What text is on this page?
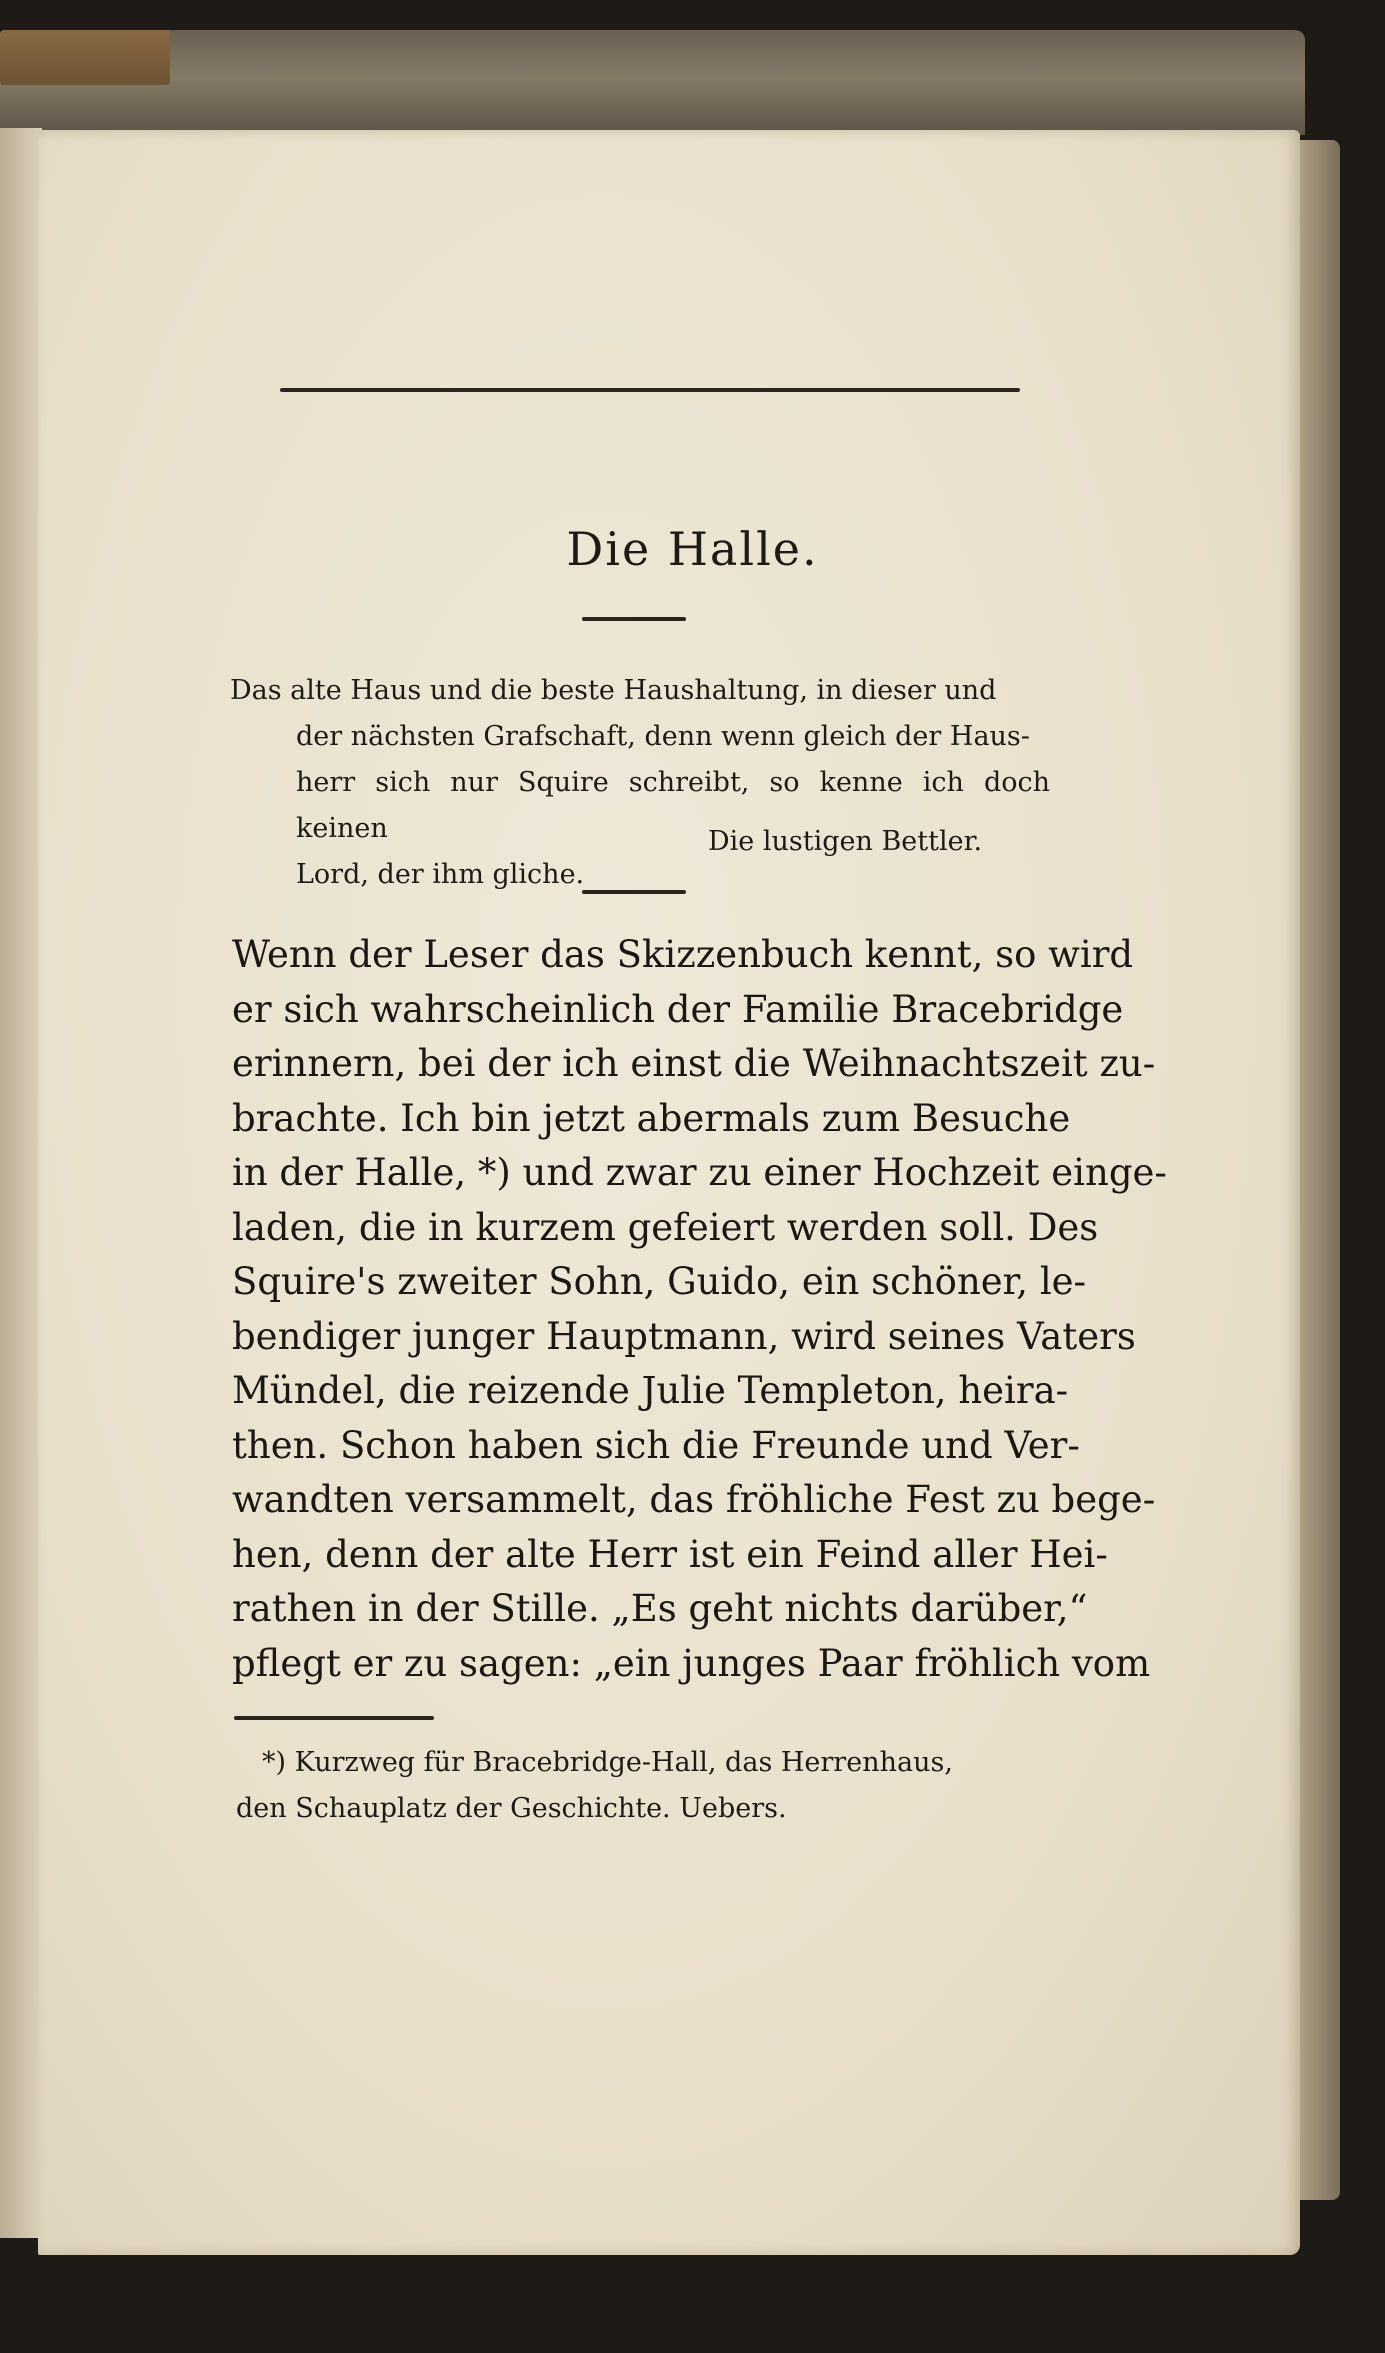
Die Halle.
Das alte Haus und die beste Haushaltung, in dieser und
der nächsten Grafschaft, denn wenn gleich der Haus-
herr sich nur Squire schreibt, so kenne ich doch keinen
Lord, der ihm gliche.
Die lustigen Bettler.
Wenn der Leser das Skizzenbuch kennt, so wird
er sich wahrscheinlich der Familie Bracebridge
erinnern, bei der ich einst die Weihnachtszeit zu-
brachte. Ich bin jetzt abermals zum Besuche
in der Halle, *) und zwar zu einer Hochzeit einge-
laden, die in kurzem gefeiert werden soll. Des
Squire's zweiter Sohn, Guido, ein schöner, le-
bendiger junger Hauptmann, wird seines Vaters
Mündel, die reizende Julie Templeton, heira-
then. Schon haben sich die Freunde und Ver-
wandten versammelt, das fröhliche Fest zu bege-
hen, denn der alte Herr ist ein Feind aller Hei-
rathen in der Stille. „Es geht nichts darüber,“
pflegt er zu sagen: „ein junges Paar fröhlich vom
*) Kurzweg für Bracebridge-Hall, das Herrenhaus,
den Schauplatz der Geschichte. Uebers.
